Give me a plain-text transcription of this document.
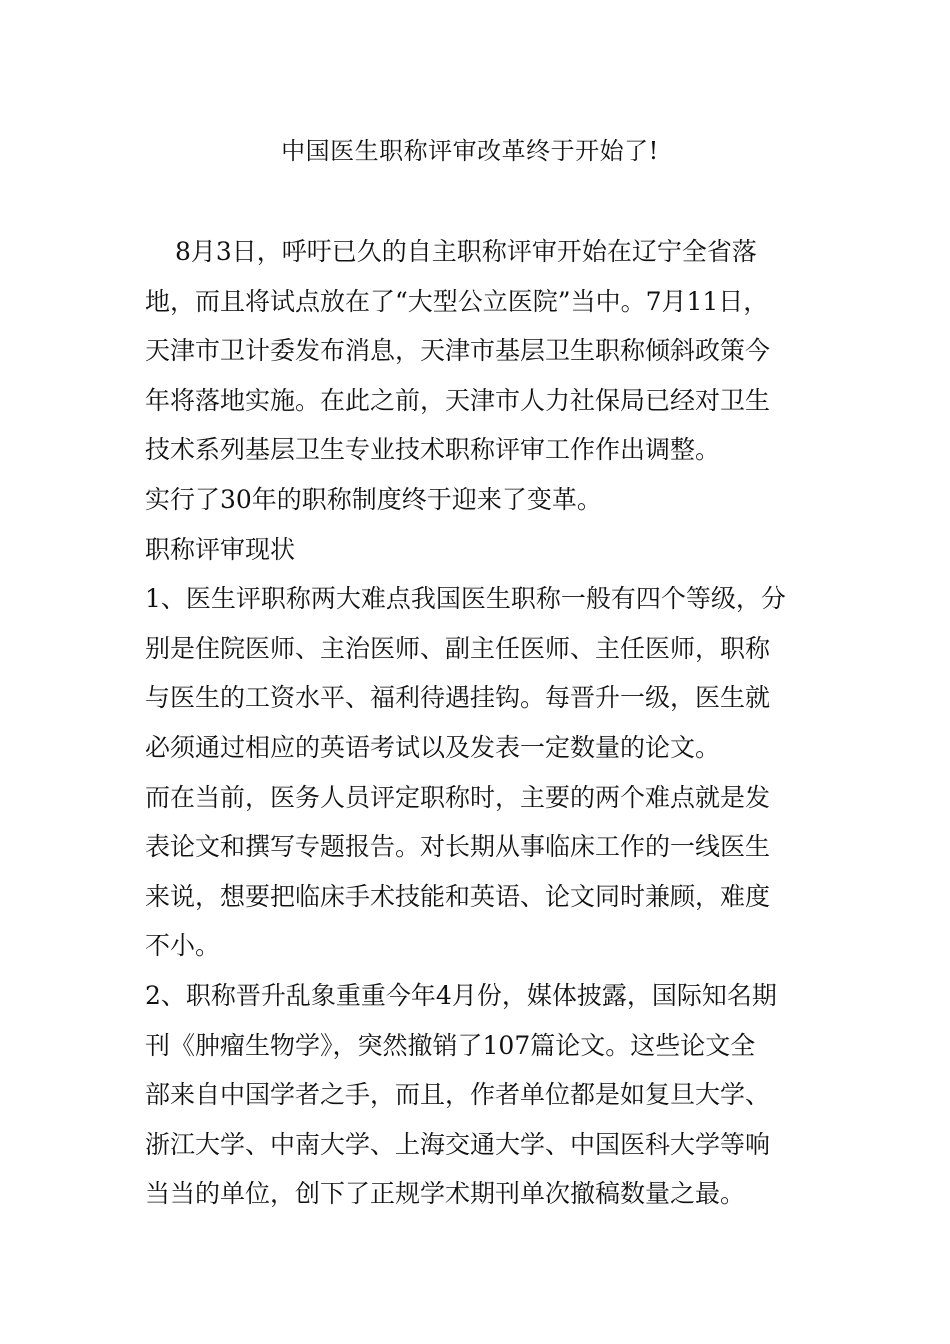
中国医生职称评审改革终于开始了!
8月3日，呼吁已久的自主职称评审开始在辽宁全省落
地，而且将试点放在了“大型公立医院”当中。7月11日，
天津市卫计委发布消息，天津市基层卫生职称倾斜政策今
年将落地实施。在此之前，天津市人力社保局已经对卫生
技术系列基层卫生专业技术职称评审工作作出调整。
实行了30年的职称制度终于迎来了变革。
职称评审现状
1、医生评职称两大难点我国医生职称一般有四个等级，分
别是住院医师、主治医师、副主任医师、主任医师，职称
与医生的工资水平、福利待遇挂钩。每晋升一级，医生就
必须通过相应的英语考试以及发表一定数量的论文。
而在当前，医务人员评定职称时，主要的两个难点就是发
表论文和撰写专题报告。对长期从事临床工作的一线医生
来说，想要把临床手术技能和英语、论文同时兼顾，难度
不小。
2、职称晋升乱象重重今年4月份，媒体披露，国际知名期
刊《肿瘤生物学》，突然撤销了107篇论文。这些论文全
部来自中国学者之手，而且，作者单位都是如复旦大学、
浙江大学、中南大学、上海交通大学、中国医科大学等响
当当的单位，创下了正规学术期刊单次撤稿数量之最。
